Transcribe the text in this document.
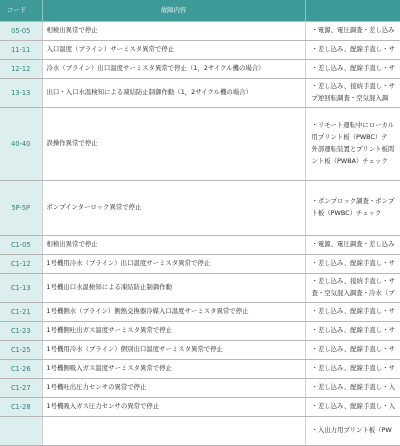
コード	故障内容	
05-05	相検出異常で停止	・電源、電圧調査・差し込み

11-11	入口温度（ブライン）サーミスタ異常で停止	・差し込み、配線手直し・サ

12-12	冷水（ブライン）出口温度サーミスタ異常で停止（1，2サイクル機の場合）	・差し込み、配線手直し・サ

13-13	出口・入口水温検知による凍結防止制御作動（1，2サイクル機の場合）	・差し込み、接続手直し・サ
プ逆回転調査・空気混入調

40-40	誤操作異常で停止	・リモート運転中にローカル
用プリント板（PWBC）テ
外部運転装置とプリント板間
ント板（PWBA）チェック

5P-5P	ポンプインターロック異常で停止	・ポンプロック調査・ポンプ
ト板（PWBC）チェック

C1-05	相検出異常で停止	・電源、電圧調査・差し込み

C1-12	1号機用冷水（ブライン）出口温度サーミスタ異常で停止	・差し込み、配線手直し・サ

C1-13	1号機出口水温検知による凍結防止制御作動	・差し込み、接続手直し・サ
査・空気混入調査・冷水（ブ

C1-21	1号機側水（ブライン）側熱交換器冷媒入口温度サーミスタ異常で停止	・差し込み、配線手直し・サ

C1-23	1号機側吐出ガス温度サーミスタ異常で停止	・差し込み、配線手直し・サ

C1-25	1号機用冷水（ブライン）個別出口温度サーミスタ異常で停止	・差し込み、配線手直し・サ

C1-26	1号機側吸入ガス温度サーミスタ異常で停止	・差し込み、配線手直し・サ

C1-27	1号機吐出圧力センサの異常で停止	・差し込み、配線手直し・入

C1-28	1号機吸入ガス圧力センサの異常で停止	・差し込み、配線手直し・入

		・入出力用プリント板（PW
